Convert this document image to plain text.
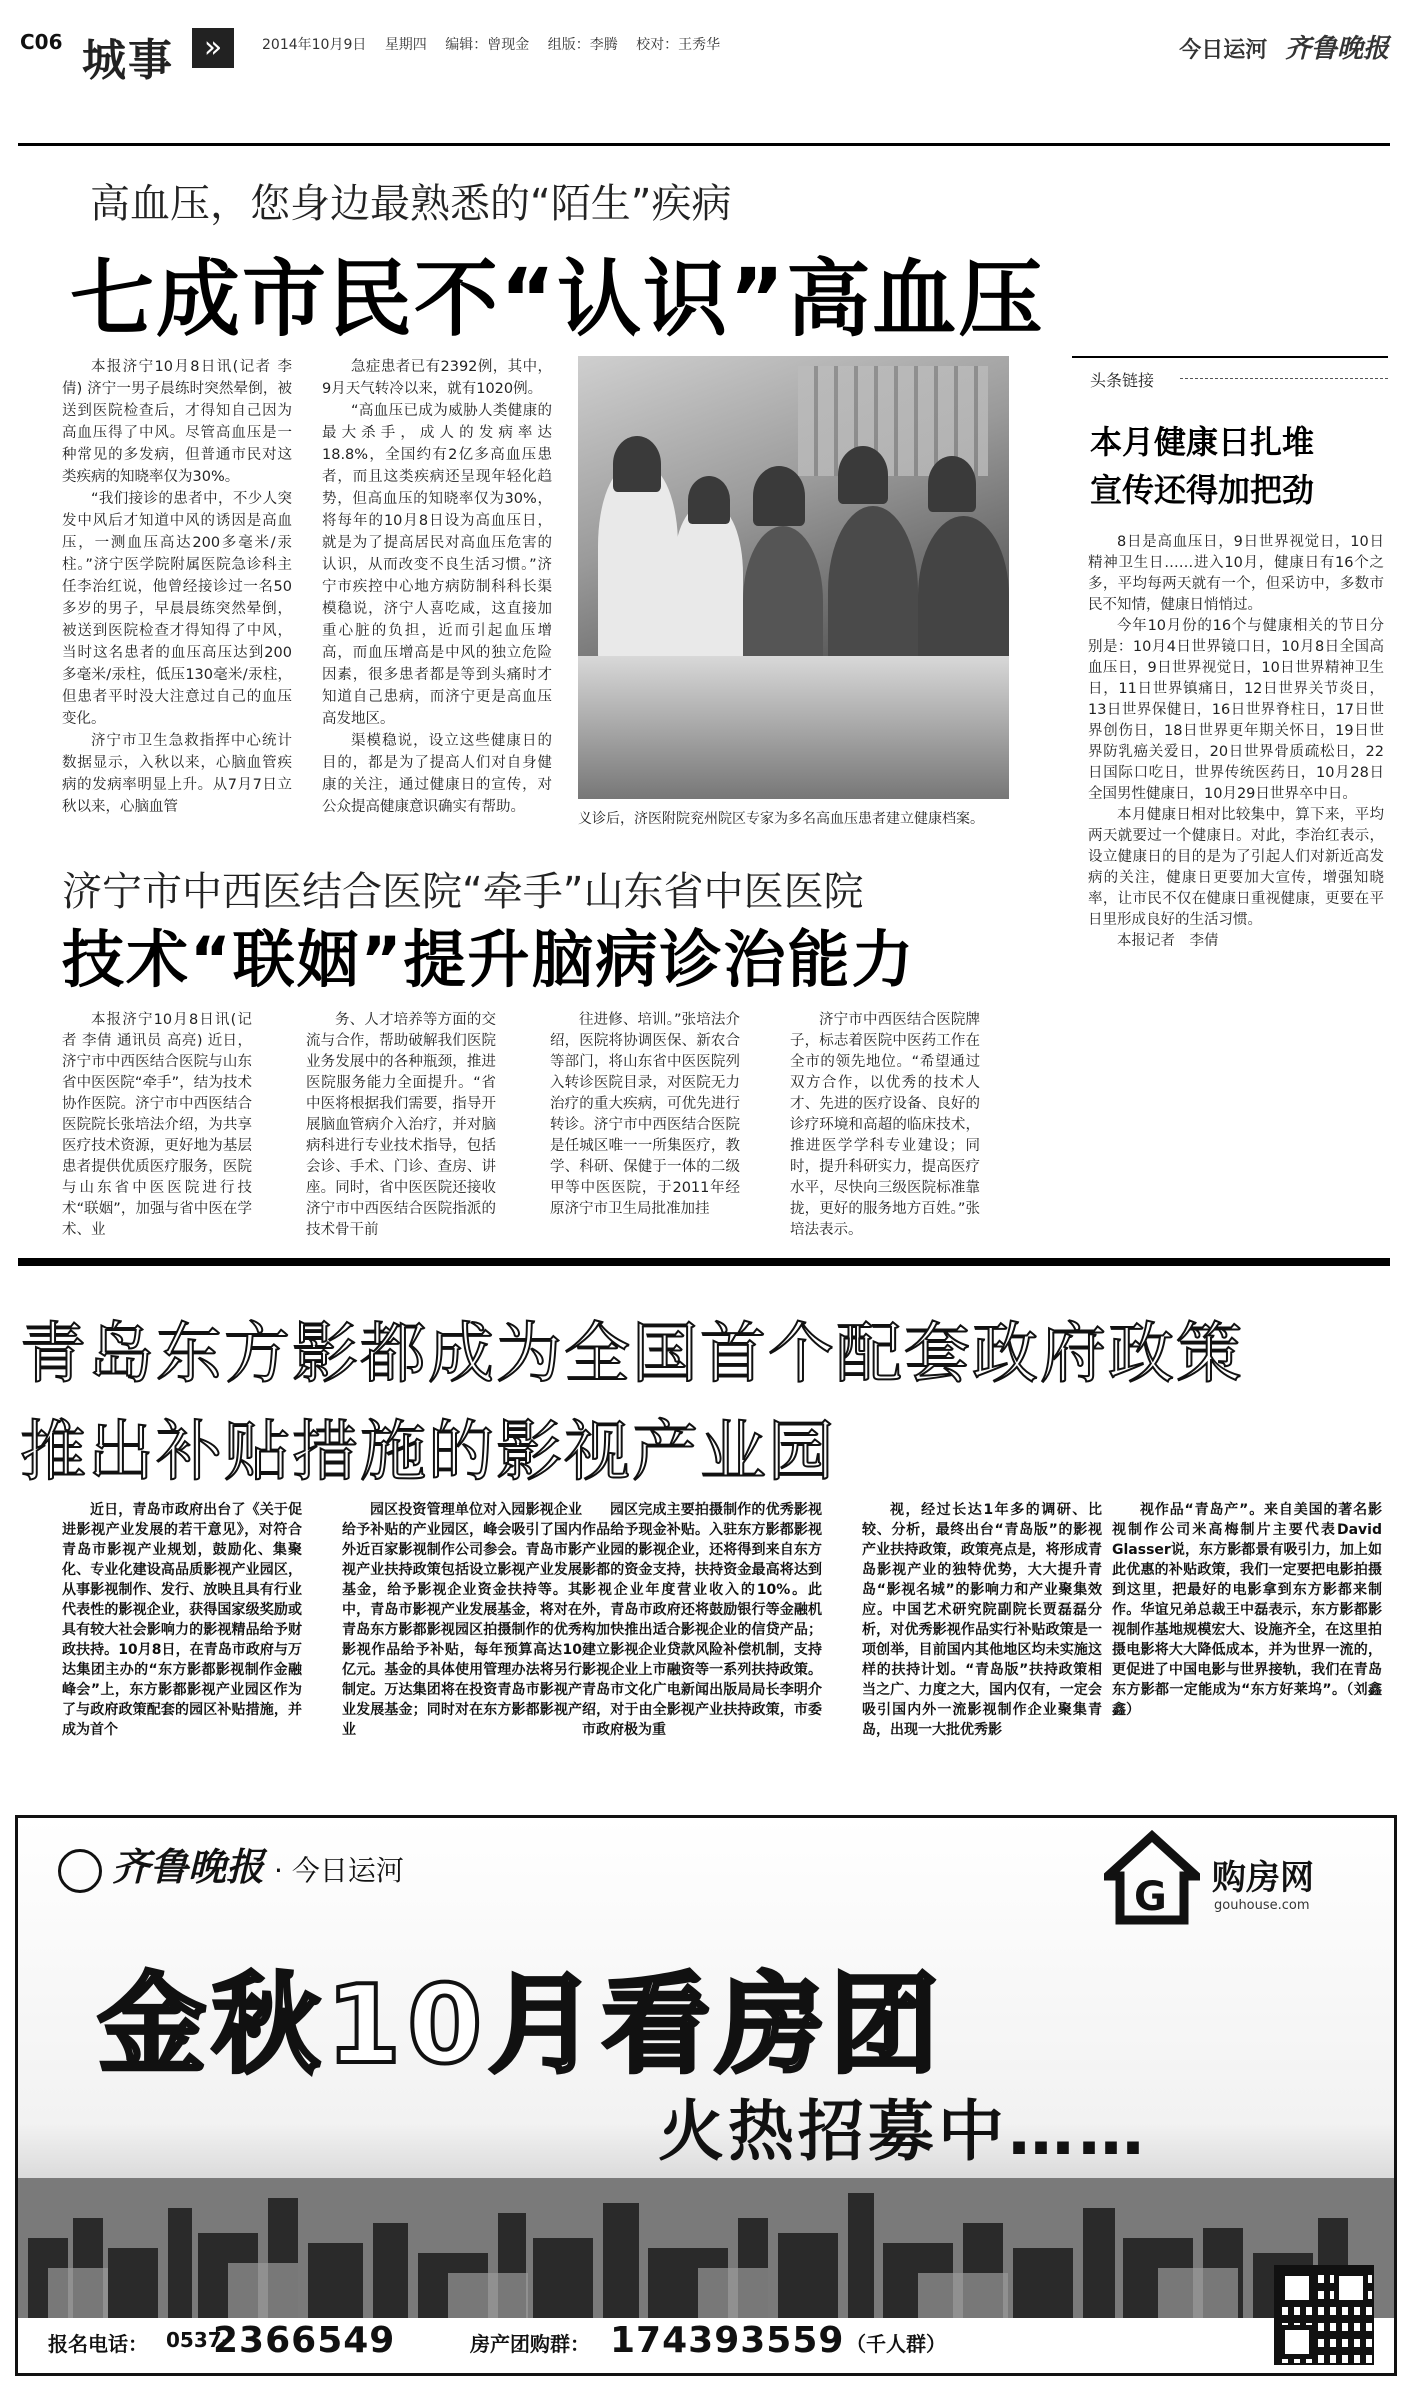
C06 城事 »	2014年10月9日 星期四 编辑：曾现金 组版：李腾 校对：王秀华	今日运河 齐鲁晚报
高血压，您身边最熟悉的“陌生”疾病
七成市民不“认识”高血压

本报济宁10月8日讯(记者 李倩) 济宁一男子晨练时突然晕倒，被送到医院检查后，才得知自己因为高血压得了中风。尽管高血压是一种常见的多发病，但普通市民对这类疾病的知晓率仅为30%。

“我们接诊的患者中，不少人突发中风后才知道中风的诱因是高血压，一测血压高达200多毫米/汞柱。”济宁医学院附属医院急诊科主任李治红说，他曾经接诊过一名50多岁的男子，早晨晨练突然晕倒，被送到医院检查才得知得了中风，当时这名患者的血压高压达到200多毫米/汞柱，低压130毫米/汞柱，但患者平时没大注意过自己的血压变化。

济宁市卫生急救指挥中心统计数据显示，入秋以来，心脑血管疾病的发病率明显上升。从7月7日立秋以来，心脑血管

急症患者已有2392例，其中，9月天气转冷以来，就有1020例。

“高血压已成为威胁人类健康的最大杀手，成人的发病率达18.8%，全国约有2亿多高血压患者，而且这类疾病还呈现年轻化趋势，但高血压的知晓率仅为30%，将每年的10月8日设为高血压日，就是为了提高居民对高血压危害的认识，从而改变不良生活习惯。”济宁市疾控中心地方病防制科科长渠模稳说，济宁人喜吃咸，这直接加重心脏的负担，近而引起血压增高，而血压增高是中风的独立危险因素，很多患者都是等到头痛时才知道自己患病，而济宁更是高血压高发地区。

渠模稳说，设立这些健康日的目的，都是为了提高人们对自身健康的关注，通过健康日的宣传，对公众提高健康意识确实有帮助。

义诊后，济医附院兖州院区专家为多名高血压患者建立健康档案。
头条链接
本月健康日扎堆
宣传还得加把劲

8日是高血压日，9日世界视觉日，10日精神卫生日……进入10月，健康日有16个之多，平均每两天就有一个，但采访中，多数市民不知情，健康日悄悄过。

今年10月份的16个与健康相关的节日分别是：10月4日世界镜口日，10月8日全国高血压日，9日世界视觉日，10日世界精神卫生日，11日世界镇痛日，12日世界关节炎日，13日世界保健日，16日世界脊柱日，17日世界创伤日，18日世界更年期关怀日，19日世界防乳癌关爱日，20日世界骨质疏松日，22日国际口吃日，世界传统医药日，10月28日全国男性健康日，10月29日世界卒中日。

本月健康日相对比较集中，算下来，平均两天就要过一个健康日。对此，李治红表示，设立健康日的目的是为了引起人们对新近高发病的关注，健康日更要加大宣传，增强知晓率，让市民不仅在健康日重视健康，更要在平日里形成良好的生活习惯。

本报记者　李倩

济宁市中西医结合医院“牵手”山东省中医医院
技术“联姻”提升脑病诊治能力

本报济宁10月8日讯(记者 李倩 通讯员 高亮) 近日，济宁市中西医结合医院与山东省中医医院“牵手”，结为技术协作医院。济宁市中西医结合医院院长张培法介绍，为共享医疗技术资源，更好地为基层患者提供优质医疗服务，医院与山东省中医医院进行技术“联姻”，加强与省中医在学术、业

务、人才培养等方面的交流与合作，帮助破解我们医院业务发展中的各种瓶颈，推进医院服务能力全面提升。“省中医将根据我们需要，指导开展脑血管病介入治疗，并对脑病科进行专业技术指导，包括会诊、手术、门诊、查房、讲座。同时，省中医医院还接收济宁市中西医结合医院指派的技术骨干前

往进修、培训。”张培法介绍，医院将协调医保、新农合等部门，将山东省中医医院列入转诊医院目录，对医院无力治疗的重大疾病，可优先进行转诊。济宁市中西医结合医院是任城区唯一一所集医疗，教学、科研、保健于一体的二级甲等中医医院，于2011年经原济宁市卫生局批准加挂

济宁市中西医结合医院牌子，标志着医院中医药工作在全市的领先地位。“希望通过双方合作，以优秀的技术人才、先进的医疗设备、良好的诊疗环境和高超的临床技术，推进医学学科专业建设；同时，提升科研实力，提高医疗水平，尽快向三级医院标准靠拢，更好的服务地方百姓。”张培法表示。

青岛东方影都成为全国首个配套政府政策
推出补贴措施的影视产业园

近日，青岛市政府出台了《关于促进影视产业发展的若干意见》，对符合青岛市影视产业规划，鼓励化、集聚化、专业化建设高品质影视产业园区，从事影视制作、发行、放映且具有行业代表性的影视企业，获得国家级奖励或具有较大社会影响力的影视精品给予财政扶持。10月8日，在青岛市政府与万达集团主办的“东方影都影视制作金融峰会”上，东方影都影视产业园区作为了与政府政策配套的园区补贴措施，并成为首个

园区投资管理单位对入园影视企业给予补贴的产业园区，峰会吸引了国内外近百家影视制作公司参会。青岛市影视产业扶持政策包括设立影视产业发展基金，给予影视企业资金扶持等。其中，青岛市影视产业发展基金，将对在青岛东方影都影视园区拍摄制作的优秀影视作品给予补贴，每年预算高达10亿元。基金的具体使用管理办法将另行制定。万达集团将在投资青岛市影视产业发展基金；同时对在东方影都影视产业

园区完成主要拍摄制作的优秀影视作品给予现金补贴。入驻东方影都影视产业园的影视企业，还将得到来自东方影都的资金支持，扶持资金最高将达到影视企业年度营业收入的10%。此外，青岛市政府还将鼓励银行等金融机构加快推出适合影视企业的信贷产品；建立影视企业贷款风险补偿机制，支持影视企业上市融资等一系列扶持政策。青岛市文化广电新闻出版局局长李明介绍，对于由全影视产业扶持政策，市委市政府极为重

视，经过长达1年多的调研、比较、分析，最终出台“青岛版”的影视产业扶持政策，政策亮点是，将形成青岛影视产业的独特优势，大大提升青岛“影视名城”的影响力和产业聚集效应。中国艺术研究院副院长贾磊磊分析，对优秀影视作品实行补贴政策是一项创举，目前国内其他地区均未实施这样的扶持计划。“青岛版”扶持政策相当之广、力度之大，国内仅有，一定会吸引国内外一流影视制作企业聚集青岛，出现一大批优秀影

视作品“青岛产”。来自美国的著名影视制作公司米高梅制片主要代表David Glasser说，东方影都景有吸引力，加上如此优惠的补贴政策，我们一定要把电影拍摄到这里，把最好的电影拿到东方影都来制作。华谊兄弟总裁王中磊表示，东方影都影视制作基地规模宏大、设施齐全，在这里拍摄电影将大大降低成本，并为世界一流的，更促进了中国电影与世界接轨，我们在青岛东方影都一定能成为“东方好莱坞”。（刘鑫鑫）

齐鲁晚报 · 今日运河
G 购房网
gouhouse.com
金秋10月看房团
火热招募中……
报名电话： 0537-
2366549	房产团购群： 174393559 （千人群）
